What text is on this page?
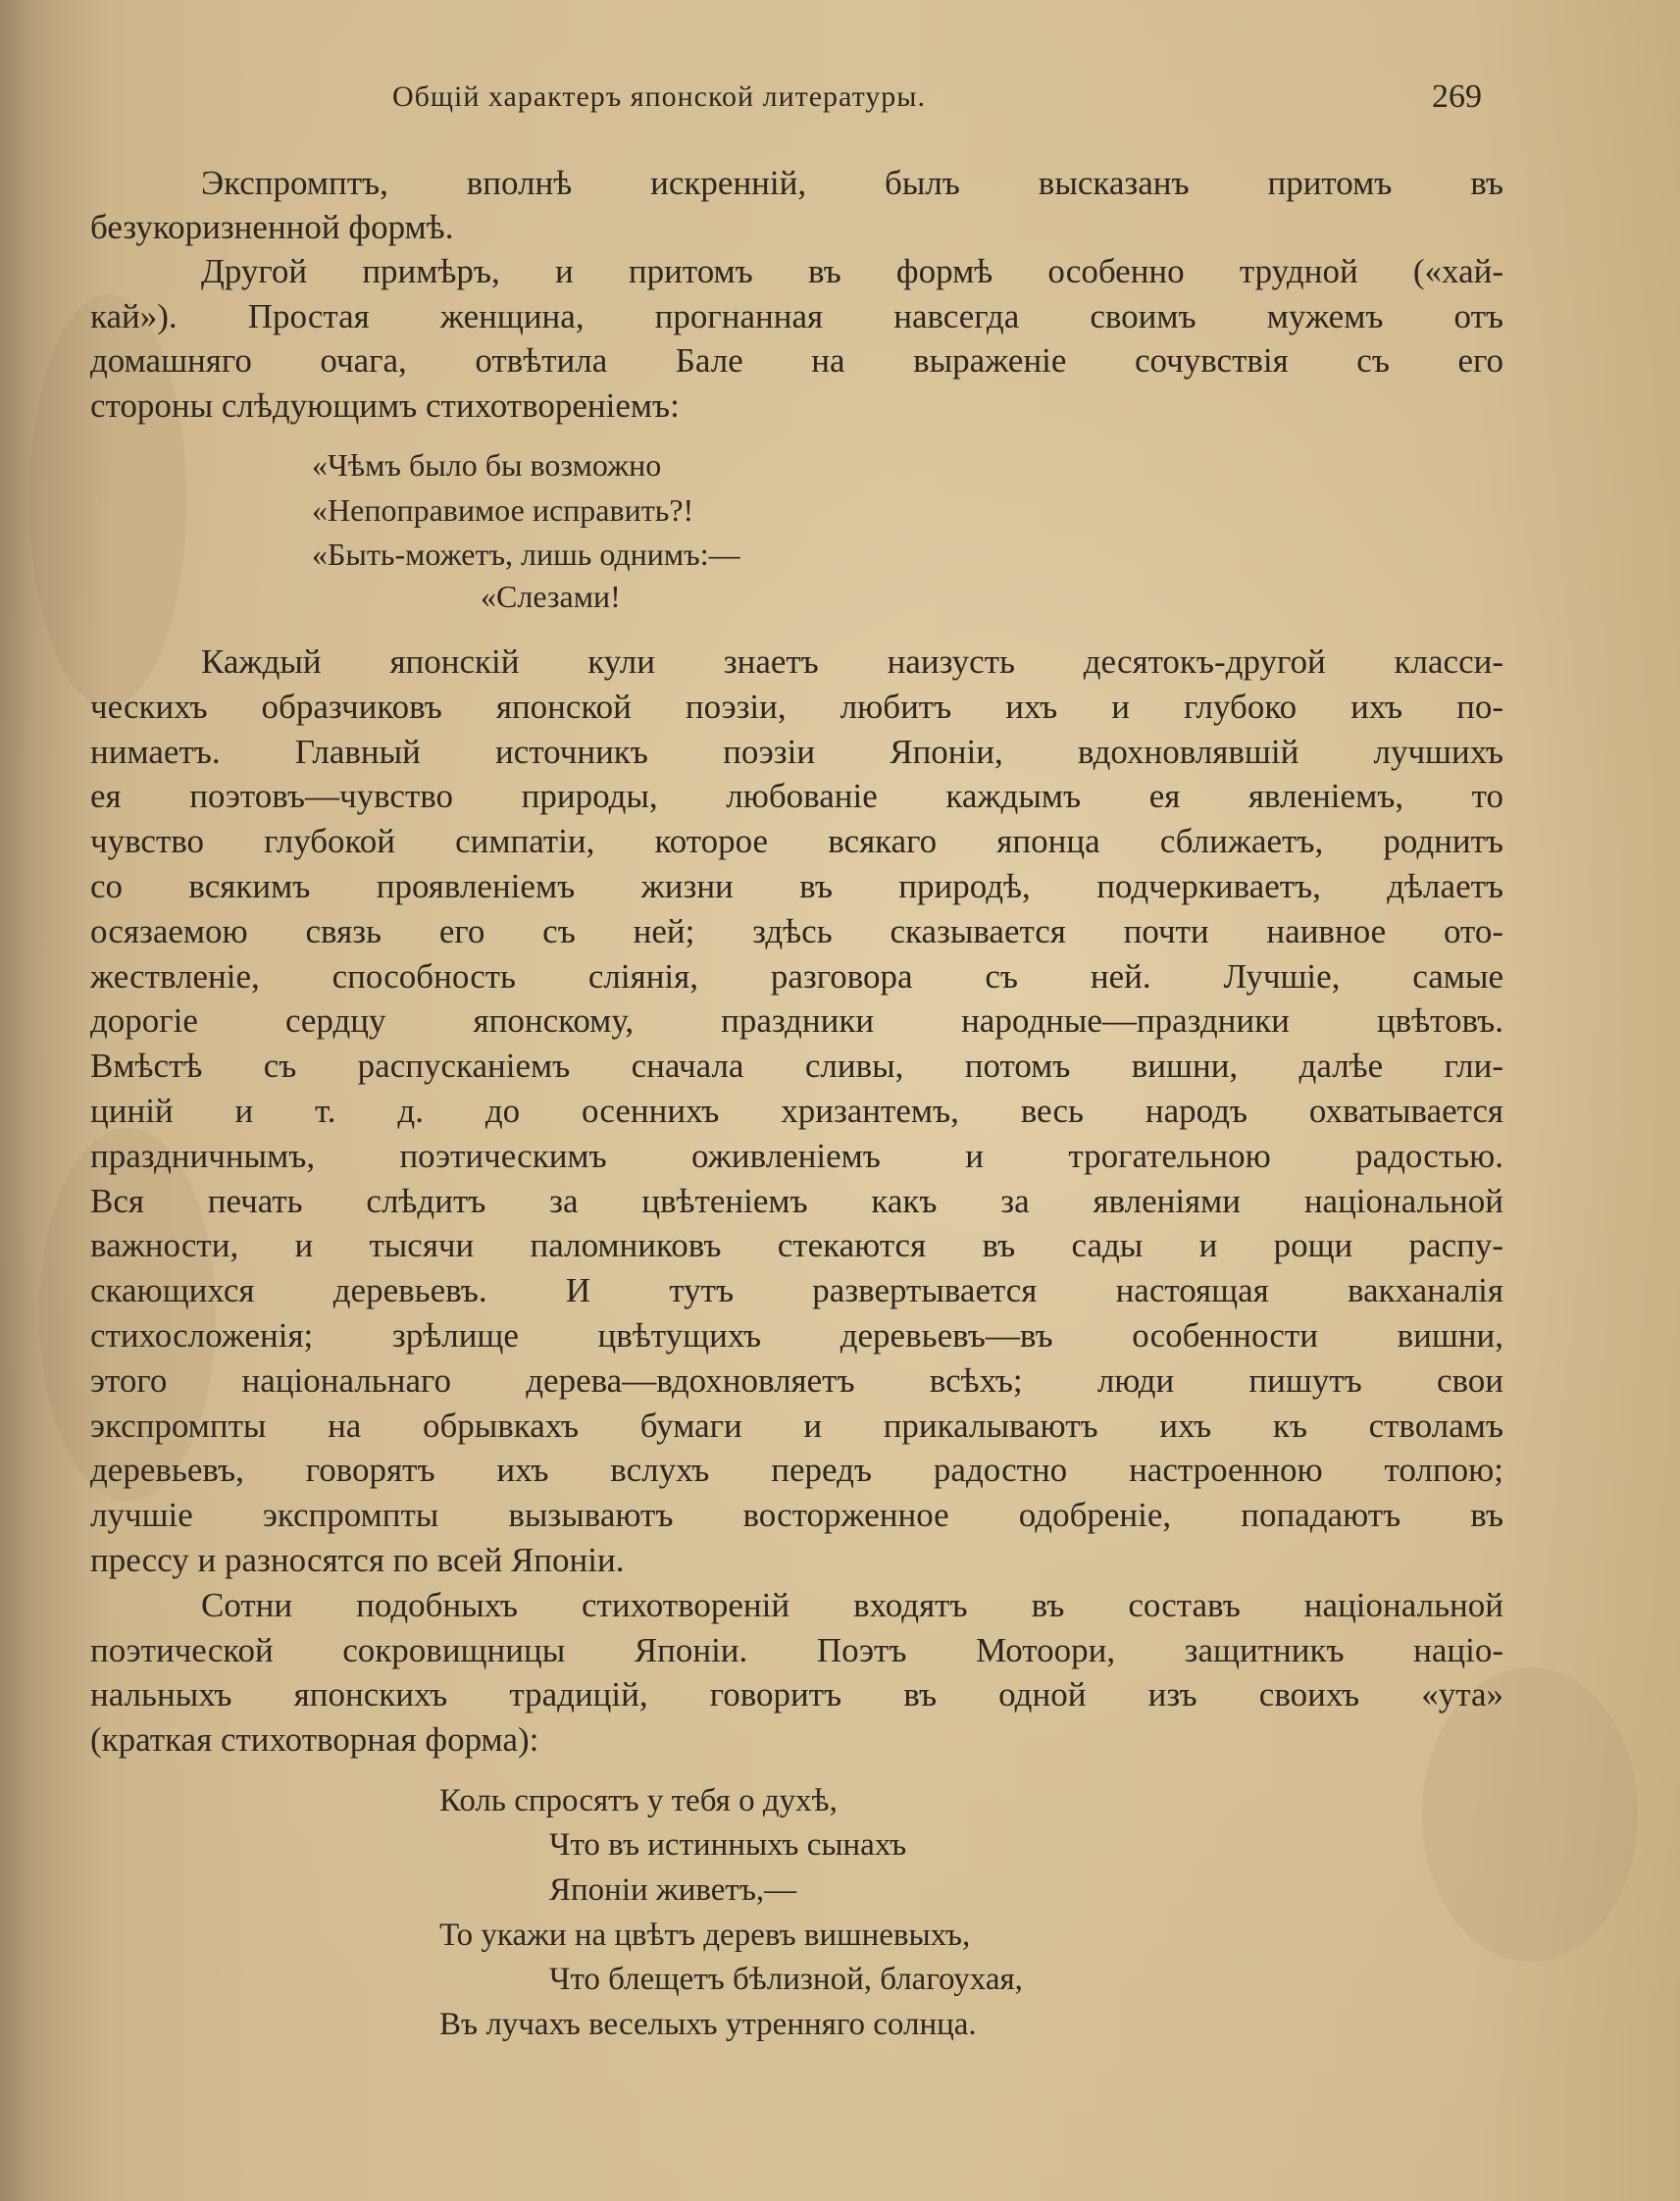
Общiй характеръ японской литературы.	269
Экспромптъ, вполнѣ искреннiй, былъ высказанъ притомъ въ
безукоризненной формѣ.
Другой примѣръ, и притомъ въ формѣ особенно трудной («хай-
кай»). Простая женщина, прогнанная навсегда своимъ мужемъ отъ
домашняго очага, отвѣтила Бале на выраженiе сочувствiя съ его
стороны слѣдующимъ стихотворенiемъ:
«Чѣмъ было бы возможно
«Непоправимое исправить?!
«Быть-можетъ, лишь однимъ:—
«Слезами!
Каждый японскiй кули знаетъ наизусть десятокъ-другой класси-
ческихъ образчиковъ японской поэзiи, любитъ ихъ и глубоко ихъ по-
нимаетъ. Главный источникъ поэзiи Японiи, вдохновлявшiй лучшихъ
ея поэтовъ—чувство природы, любованiе каждымъ ея явленiемъ, то
чувство глубокой симпатiи, которое всякаго японца сближаетъ, роднитъ
со всякимъ проявленiемъ жизни въ природѣ, подчеркиваетъ, дѣлаетъ
осязаемою связь его съ ней; здѣсь сказывается почти наивное ото-
жествленiе, способность слiянiя, разговора съ ней. Лучшiе, самые
дорогiе сердцу японскому, праздники народные—праздники цвѣтовъ.
Вмѣстѣ съ распусканiемъ сначала сливы, потомъ вишни, далѣе гли-
цинiй и т. д. до осеннихъ хризантемъ, весь народъ охватывается
праздничнымъ, поэтическимъ оживленiемъ и трогательною радостью.
Вся печать слѣдитъ за цвѣтенiемъ какъ за явленiями нацiональной
важности, и тысячи паломниковъ стекаются въ сады и рощи распу-
скающихся деревьевъ. И тутъ развертывается настоящая вакханалiя
стихосложенiя; зрѣлище цвѣтущихъ деревьевъ—въ особенности вишни,
этого нацiональнаго дерева—вдохновляетъ всѣхъ; люди пишутъ свои
экспромпты на обрывкахъ бумаги и прикалываютъ ихъ къ стволамъ
деревьевъ, говорятъ ихъ вслухъ передъ радостно настроенною толпою;
лучшiе экспромпты вызываютъ восторженное одобренiе, попадаютъ въ
прессу и разносятся по всей Японiи.
Сотни подобныхъ стихотворенiй входятъ въ составъ нацiональной
поэтической сокровищницы Японiи. Поэтъ Мотоори, защитникъ нацiо-
нальныхъ японскихъ традицiй, говоритъ въ одной изъ своихъ «ута»
(краткая стихотворная форма):
Коль спросятъ у тебя о духѣ,
Что въ истинныхъ сынахъ
Японiи живетъ,—
То укажи на цвѣтъ деревъ вишневыхъ,
Что блещетъ бѣлизной, благоухая,
Въ лучахъ веселыхъ утренняго солнца.
